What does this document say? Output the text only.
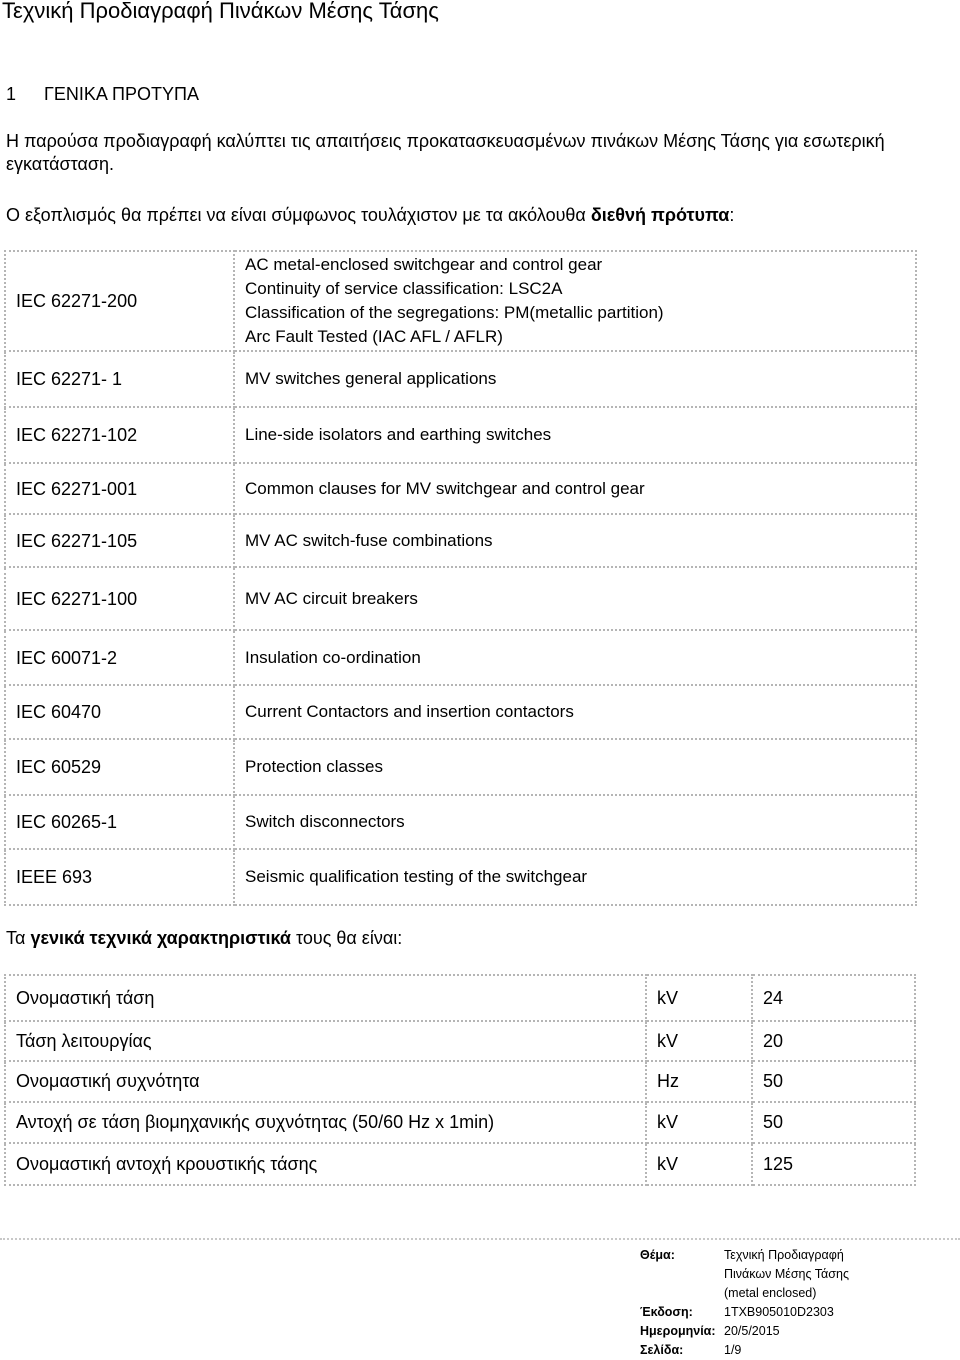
Τεχνική Προδιαγραφή Πινάκων Μέσης Τάσης
1 ΓΕΝΙΚΑ ΠΡΟΤΥΠΑ
Η παρούσα προδιαγραφή καλύπτει τις απαιτήσεις προκατασκευασμένων πινάκων Μέσης Τάσης για εσωτερική εγκατάσταση.
Ο εξοπλισμός θα πρέπει να είναι σύμφωνος τουλάχιστον με τα ακόλουθα διεθνή πρότυπα:
IEC 62271-200	AC metal-enclosed switchgear and control gear
Continuity of service classification: LSC2A
Classification of the segregations: PM(metallic partition)
Arc Fault Tested (IAC AFL / AFLR)

IEC 62271- 1	MV switches general applications
IEC 62271-102	Line-side isolators and earthing switches
IEC 62271-001	Common clauses for MV switchgear and control gear
IEC 62271-105	MV AC switch-fuse combinations
IEC 62271-100	MV AC circuit breakers
IEC 60071-2	Insulation co-ordination
IEC 60470	Current Contactors and insertion contactors
IEC 60529	Protection classes
IEC 60265-1	Switch disconnectors
IEEE 693	Seismic qualification testing of the switchgear
Τα γενικά τεχνικά χαρακτηριστικά τους θα είναι:
Ονομαστική τάση	kV	24
Τάση λειτουργίας	kV	20
Ονομαστική συχνότητα	Hz	50
Αντοχή σε τάση βιομηχανικής συχνότητας (50/60 Hz x 1min)	kV	50
Ονομαστική αντοχή κρουστικής τάσης	kV	125
Θέμα:	Τεχνική Προδιαγραφή
Πινάκων Μέσης Τάσης
(metal enclosed)
Έκδοση:	1TXB905010D2303
Ημερομηνία: 20/5/2015
Σελίδα:	1/9
